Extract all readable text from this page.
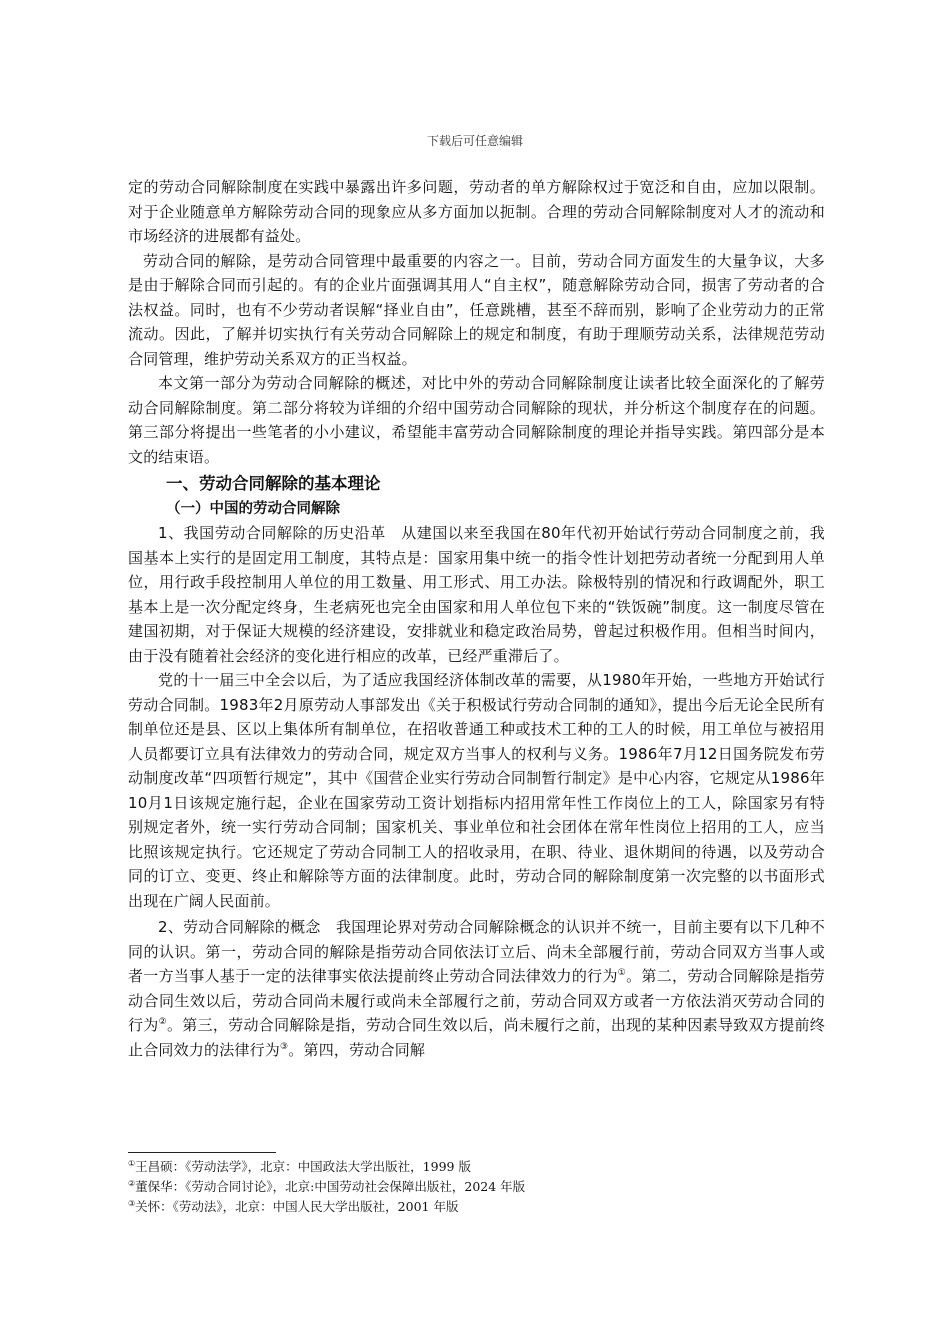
下载后可任意编辑

定的劳动合同解除制度在实践中暴露出许多问题，劳动者的单方解除权过于宽泛和自由，应加以限制。对于企业随意单方解除劳动合同的现象应从多方面加以扼制。合理的劳动合同解除制度对人才的流动和市场经济的进展都有益处。

劳动合同的解除，是劳动合同管理中最重要的内容之一。目前，劳动合同方面发生的大量争议，大多是由于解除合同而引起的。有的企业片面强调其用人“自主权”，随意解除劳动合同，损害了劳动者的合法权益。同时，也有不少劳动者误解“择业自由”，任意跳槽，甚至不辞而别，影响了企业劳动力的正常流动。因此，了解并切实执行有关劳动合同解除上的规定和制度，有助于理顺劳动关系，法律规范劳动合同管理，维护劳动关系双方的正当权益。

本文第一部分为劳动合同解除的概述，对比中外的劳动合同解除制度让读者比较全面深化的了解劳动合同解除制度。第二部分将较为详细的介绍中国劳动合同解除的现状，并分析这个制度存在的问题。第三部分将提出一些笔者的小小建议，希望能丰富劳动合同解除制度的理论并指导实践。第四部分是本文的结束语。

一、劳动合同解除的基本理论
（一）中国的劳动合同解除

1、我国劳动合同解除的历史沿革　从建国以来至我国在80年代初开始试行劳动合同制度之前，我国基本上实行的是固定用工制度，其特点是：国家用集中统一的指令性计划把劳动者统一分配到用人单位，用行政手段控制用人单位的用工数量、用工形式、用工办法。除极特别的情况和行政调配外，职工基本上是一次分配定终身，生老病死也完全由国家和用人单位包下来的“铁饭碗”制度。这一制度尽管在建国初期，对于保证大规模的经济建设，安排就业和稳定政治局势，曾起过积极作用。但相当时间内，由于没有随着社会经济的变化进行相应的改革，已经严重滞后了。

党的十一届三中全会以后，为了适应我国经济体制改革的需要，从1980年开始，一些地方开始试行劳动合同制。1983年2月原劳动人事部发出《关于积极试行劳动合同制的通知》，提出今后无论全民所有制单位还是县、区以上集体所有制单位，在招收普通工种或技术工种的工人的时候，用工单位与被招用人员都要订立具有法律效力的劳动合同，规定双方当事人的权利与义务。1986年7月12日国务院发布劳动制度改革“四项暂行规定”，其中《国营企业实行劳动合同制暂行制定》是中心内容，它规定从1986年10月1日该规定施行起，企业在国家劳动工资计划指标内招用常年性工作岗位上的工人，除国家另有特别规定者外，统一实行劳动合同制；国家机关、事业单位和社会团体在常年性岗位上招用的工人，应当比照该规定执行。它还规定了劳动合同制工人的招收录用，在职、待业、退休期间的待遇，以及劳动合同的订立、变更、终止和解除等方面的法律制度。此时，劳动合同的解除制度第一次完整的以书面形式出现在广阔人民面前。

2、劳动合同解除的概念　我国理论界对劳动合同解除概念的认识并不统一，目前主要有以下几种不同的认识。第一，劳动合同的解除是指劳动合同依法订立后、尚未全部履行前，劳动合同双方当事人或者一方当事人基于一定的法律事实依法提前终止劳动合同法律效力的行为①。第二，劳动合同解除是指劳动合同生效以后，劳动合同尚未履行或尚未全部履行之前，劳动合同双方或者一方依法消灭劳动合同的行为②。第三，劳动合同解除是指，劳动合同生效以后，尚未履行之前，出现的某种因素导致双方提前终止合同效力的法律行为③。第四，劳动合同解

①王昌硕：《劳动法学》，北京：中国政法大学出版社，1999 版
②董保华：《劳动合同讨论》，北京:中国劳动社会保障出版社，2024 年版
③关怀：《劳动法》，北京：中国人民大学出版社，2001 年版
